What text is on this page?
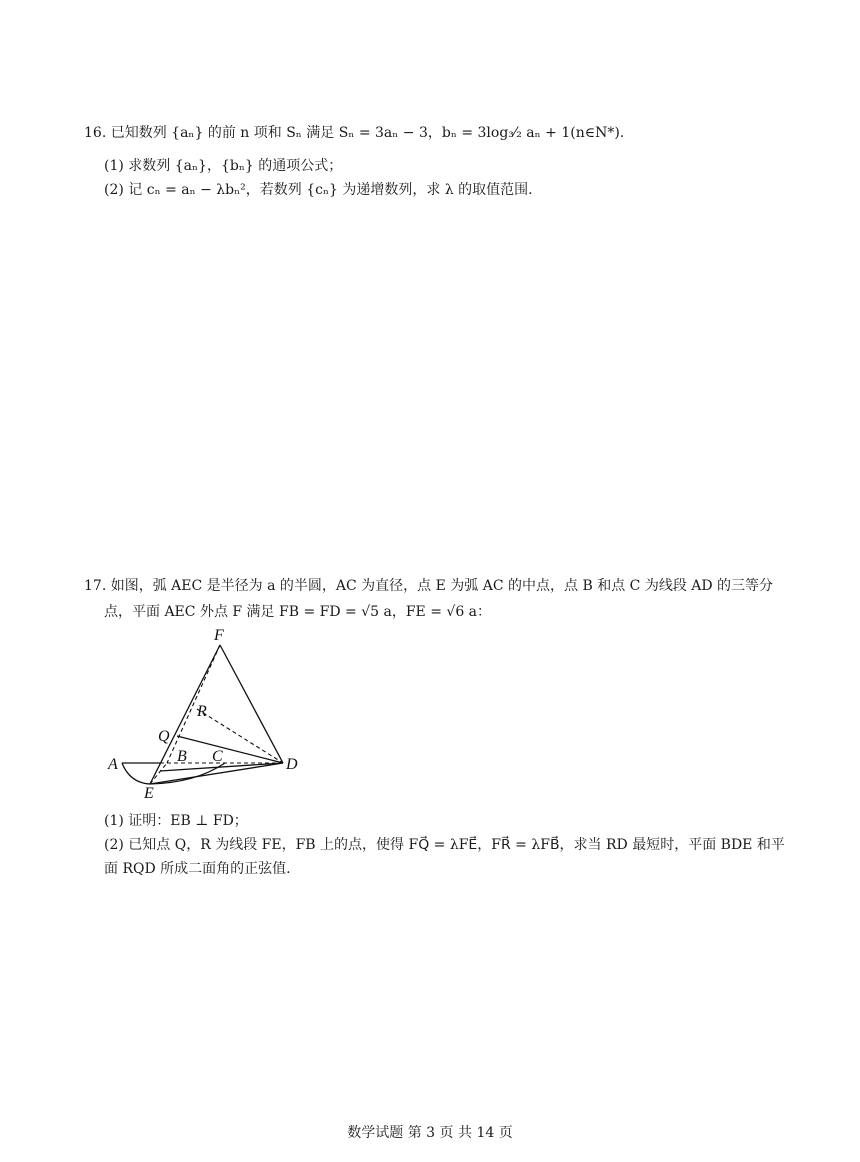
16. 已知数列 {aₙ} 的前 n 项和 Sₙ 满足 Sₙ = 3aₙ − 3，bₙ = 3log₃⁄₂ aₙ + 1(n∈N*).
(1) 求数列 {aₙ}，{bₙ} 的通项公式；
(2) 记 cₙ = aₙ − λbₙ²，若数列 {cₙ} 为递增数列，求 λ 的取值范围.
17. 如图，弧 AEC 是半径为 a 的半圆，AC 为直径，点 E 为弧 AC 的中点，点 B 和点 C 为线段 AD 的三等分
点，平面 AEC 外点 F 满足 FB = FD = √5 a，FE = √6 a：
F
R
Q
B C
A	D
E
(1) 证明：EB ⊥ FD；
(2) 已知点 Q，R 为线段 FE，FB 上的点，使得 FQ⃗ = λFE⃗，FR⃗ = λFB⃗，求当 RD 最短时，平面 BDE 和平
面 RQD 所成二面角的正弦值.
数学试题 第 3 页 共 14 页
